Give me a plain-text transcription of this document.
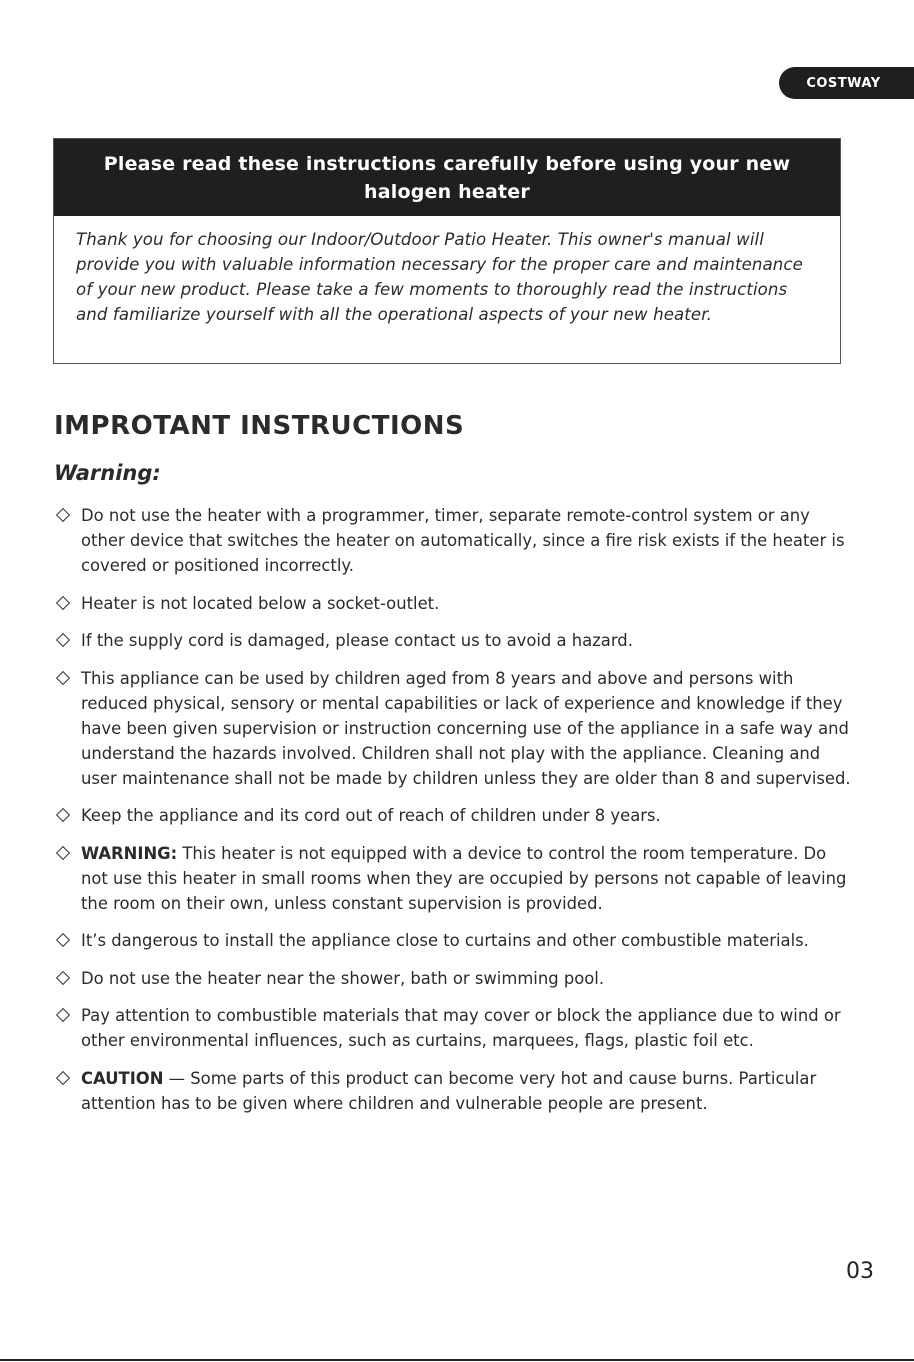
COSTWAY
Please read these instructions carefully before using your new
halogen heater
Thank you for choosing our Indoor/Outdoor Patio Heater. This owner's manual will provide you with valuable information necessary for the proper care and maintenance of your new product. Please take a few moments to thoroughly read the instructions and familiarize yourself with all the operational aspects of your new heater.
IMPROTANT INSTRUCTIONS
Warning:
Do not use the heater with a programmer, timer, separate remote-control system or any other device that switches the heater on automatically, since a fire risk exists if the heater is covered or positioned incorrectly.
Heater is not located below a socket-outlet.
If the supply cord is damaged, please contact us to avoid a hazard.
This appliance can be used by children aged from 8 years and above and persons with reduced physical, sensory or mental capabilities or lack of experience and knowledge if they have been given supervision or instruction concerning use of the appliance in a safe way and understand the hazards involved. Children shall not play with the appliance. Cleaning and user maintenance shall not be made by children unless they are older than 8 and supervised.
Keep the appliance and its cord out of reach of children under 8 years.
WARNING: This heater is not equipped with a device to control the room temperature. Do not use this heater in small rooms when they are occupied by persons not capable of leaving the room on their own, unless constant supervision is provided.
It’s dangerous to install the appliance close to curtains and other combustible materials.
Do not use the heater near the shower, bath or swimming pool.
Pay attention to combustible materials that may cover or block the appliance due to wind or other environmental influences, such as curtains, marquees, flags, plastic foil etc.
CAUTION — Some parts of this product can become very hot and cause burns. Particular attention has to be given where children and vulnerable people are present.
03
